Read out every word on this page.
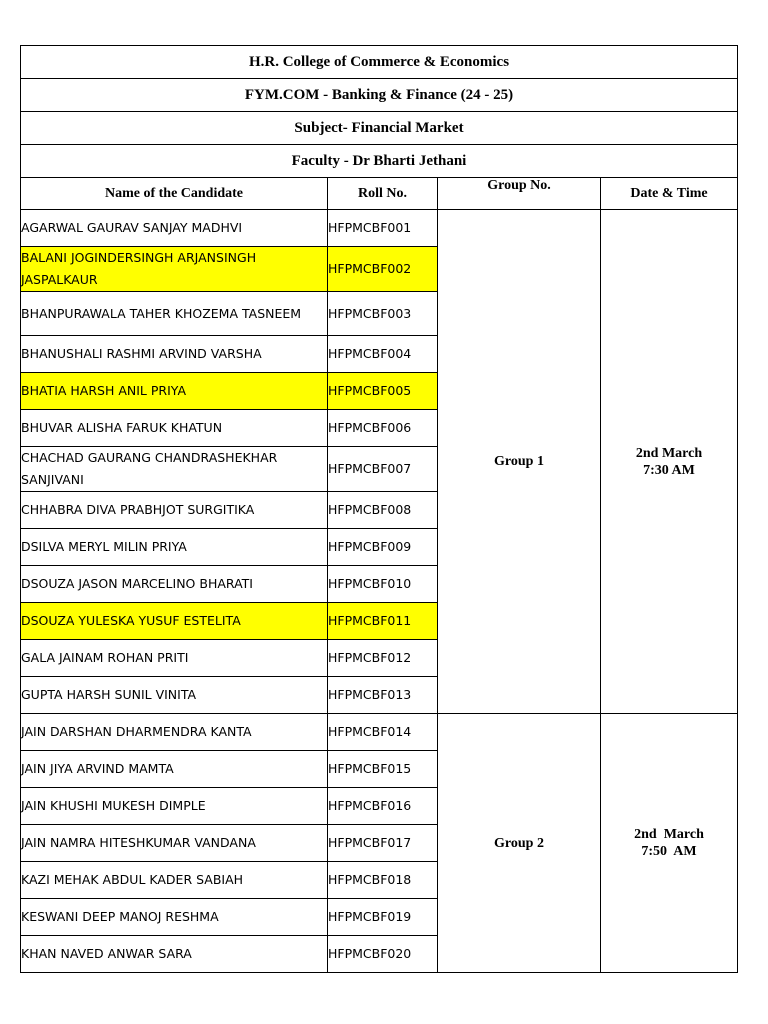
H.R. College of Commerce & Economics			
FYM.COM - Banking & Finance (24 - 25)			
Subject- Financial Market			
Faculty - Dr Bharti Jethani			
Name of the Candidate	Roll No.	Group No.	Date & Time
AGARWAL GAURAV SANJAY MADHVI	HFPMCBF001	Group 1	2nd March
7:30 AM

BALANI JOGINDERSINGH ARJANSINGH JASPALKAUR	HFPMCBF002		
BHANPURAWALA TAHER KHOZEMA TASNEEM	HFPMCBF003		
BHANUSHALI RASHMI ARVIND VARSHA	HFPMCBF004		
BHATIA HARSH ANIL PRIYA	HFPMCBF005		
BHUVAR ALISHA FARUK KHATUN	HFPMCBF006		
CHACHAD GAURANG CHANDRASHEKHAR SANJIVANI	HFPMCBF007		
CHHABRA DIVA PRABHJOT SURGITIKA	HFPMCBF008		
DSILVA MERYL MILIN PRIYA	HFPMCBF009		
DSOUZA JASON MARCELINO BHARATI	HFPMCBF010		
DSOUZA YULESKA YUSUF ESTELITA	HFPMCBF011		
GALA JAINAM ROHAN PRITI	HFPMCBF012		
GUPTA HARSH SUNIL VINITA	HFPMCBF013		
JAIN DARSHAN DHARMENDRA KANTA	HFPMCBF014	Group 2	2nd  March
7:50  AM

JAIN JIYA ARVIND MAMTA	HFPMCBF015		
JAIN KHUSHI MUKESH DIMPLE	HFPMCBF016		
JAIN NAMRA HITESHKUMAR VANDANA	HFPMCBF017		
KAZI MEHAK ABDUL KADER SABIAH	HFPMCBF018		
KESWANI DEEP MANOJ RESHMA	HFPMCBF019		
KHAN NAVED ANWAR SARA	HFPMCBF020		
